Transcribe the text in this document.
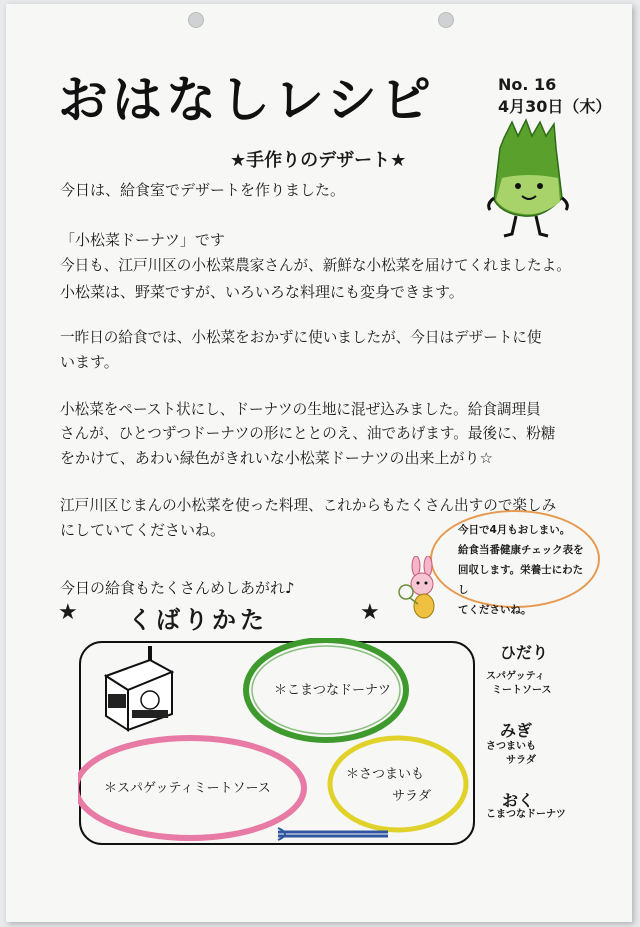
おはなしレシピ	No. 16
4月30日（木）
★手作りのデザート★
今日は、給食室でデザートを作りました。
「小松菜ドーナツ」です
今日も、江戸川区の小松菜農家さんが、新鮮な小松菜を届けてくれましたよ。
小松菜は、野菜ですが、いろいろな料理にも変身できます。
一昨日の給食では、小松菜をおかずに使いましたが、今日はデザートに使
います。
小松菜をペースト状にし、ドーナツの生地に混ぜ込みました。給食調理員
さんが、ひとつずつドーナツの形にととのえ、油であげます。最後に、粉糖
をかけて、あわい緑色がきれいな小松菜ドーナツの出来上がり☆
江戸川区じまんの小松菜を使った料理、これからもたくさん出すので楽しみ
にしていてくださいね。
今日の給食もたくさんめしあがれ♪
今日で4月もおしまい。
給食当番健康チェック表を
回収します。栄養士にわたし
てくださいね。
★ くばりかた	★
＊こまつなドーナツ
＊さつまいも
サラダ
＊スパゲッティミートソース
ひだり
スパゲッティ
ミートソース
みぎ
さつまいも
サラダ
おく
こまつなドーナツ
